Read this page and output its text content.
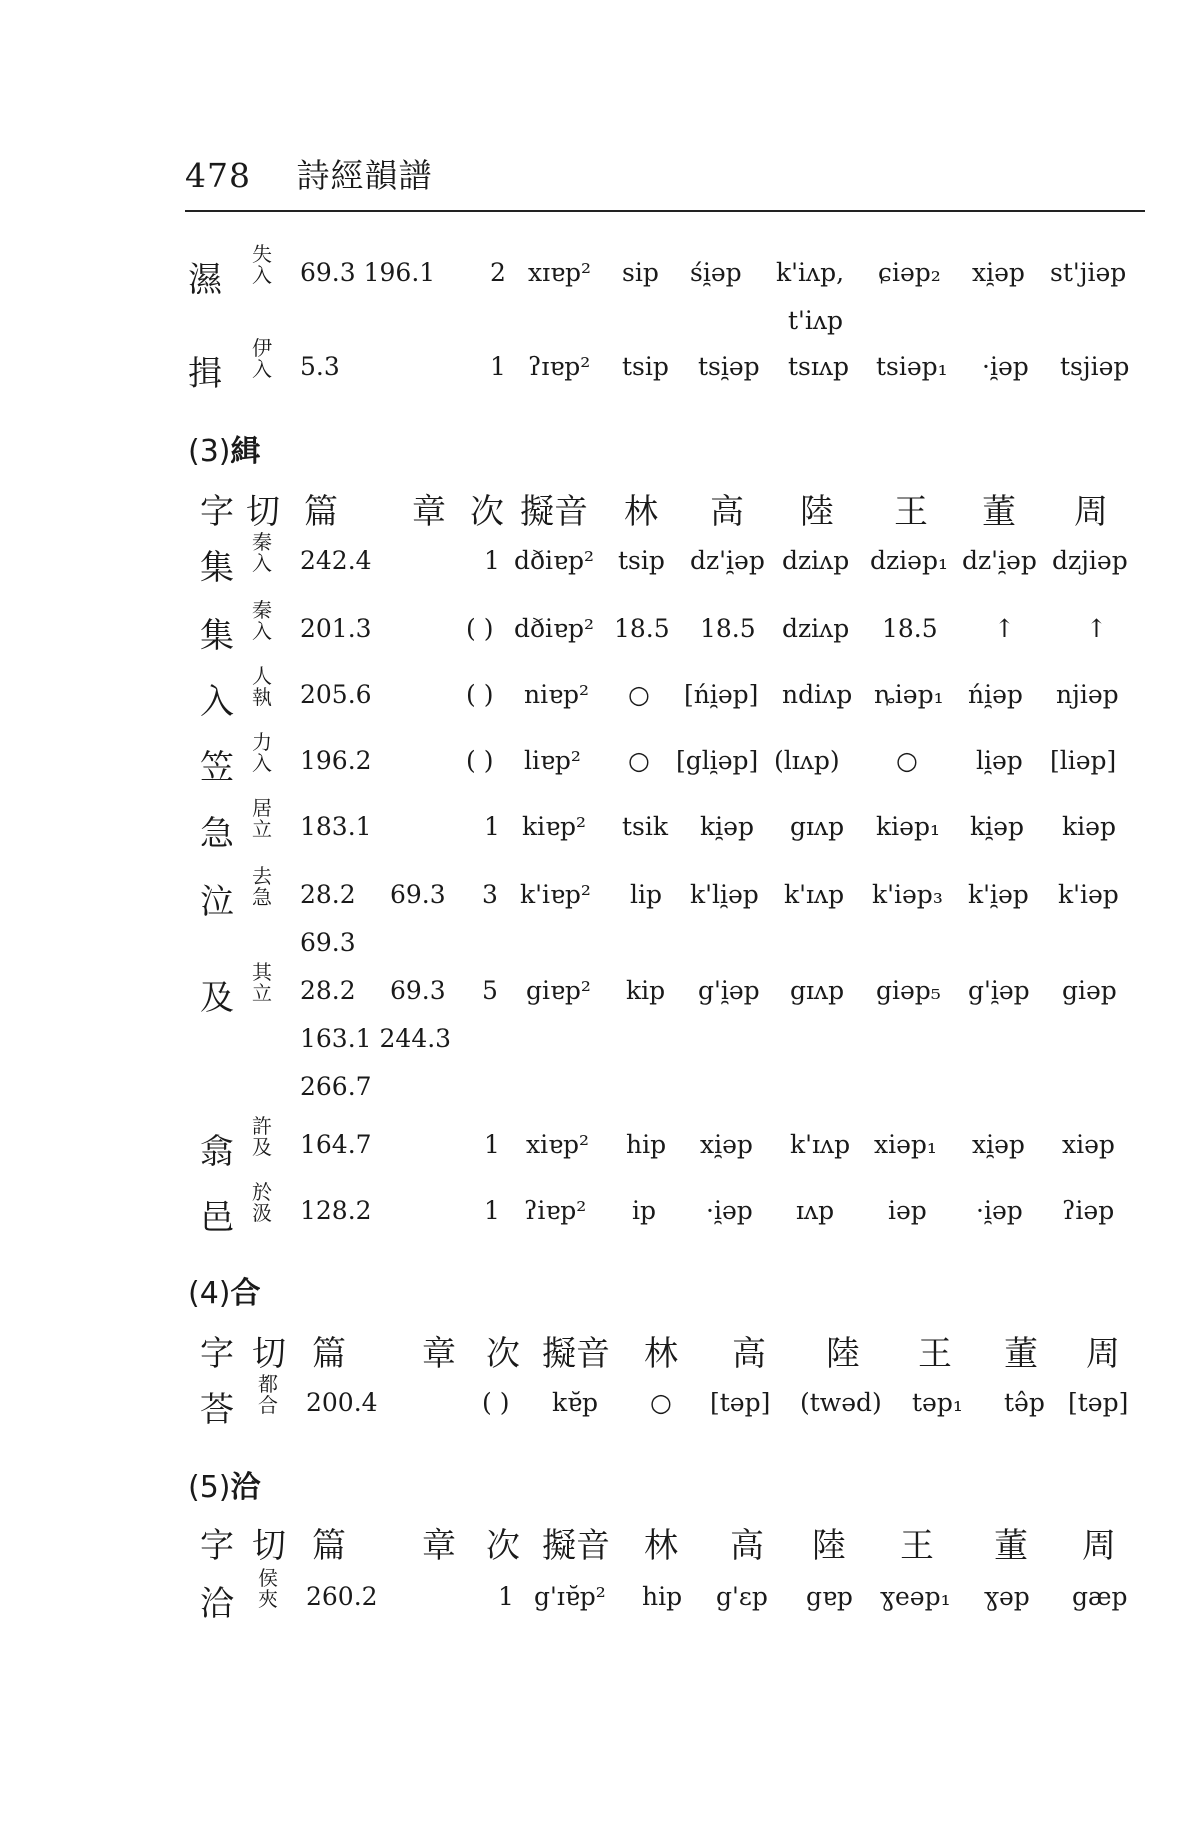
478 詩經韻譜
濕
失入 69.3 196.1 2 xɪɐp² sip śi̯əp k'iʌp, ɕiəp₂ xi̯əp st'jiəp
t'iʌp
揖
伊入 5.3	1 ʔɪɐp² tsip tsi̯əp tsɪʌp tsiəp₁ ·i̯əp tsjiəp
(3)緝
字 切 篇 章 次 擬音 林 高 陸 王 董 周
集
秦入 242.4	1 dðiɐp² tsip dz'i̯əp dziʌp dziəp₁ dz'i̯əp dzjiəp
集
秦入 201.3	( ) dðiɐp² 18.5 18.5 dziʌp 18.5 ↑	↑
入
人執 205.6	( ) niɐp² ○ [ńi̯əp] ndiʌp ȵiəp₁ ńi̯əp njiəp
笠
力入 196.2	( ) liɐp² ○ [gli̯əp] (lɪʌp) ○ li̯əp [liəp]
急
居立 183.1	1 kiɐp² tsik ki̯əp gɪʌp kiəp₁ ki̯əp kiəp
泣
去急 28.2 69.3 3 k'iɐp² lip k'li̯əp k'ɪʌp k'iəp₃ k'i̯əp k'iəp
69.3
及
其立 28.2 69.3 5 giɐp² kip g'i̯əp gɪʌp giəp₅ g'i̯əp giəp
163.1 244.3
266.7
翕
許及 164.7	1 xiɐp² hip xi̯əp k'ɪʌp xiəp₁ xi̯əp xiəp
邑
於汲 128.2	1 ʔiɐp² ip ·i̯əp ɪʌp iəp ·i̯əp ʔiəp
(4)合
字 切 篇 章 次 擬音 林 高 陸 王 董 周
荅
都合 200.4	( ) kɐ̆p ○ [təp] (twəd) təp₁ tə̂p [təp]
(5)洽
字 切 篇 章 次 擬音 林 高 陸 王 董 周
洽
侯夾 260.2	1 g'ɪɐ̆p² hip g'ɛp gɐp ɣeəp₁ ɣəp gæp
